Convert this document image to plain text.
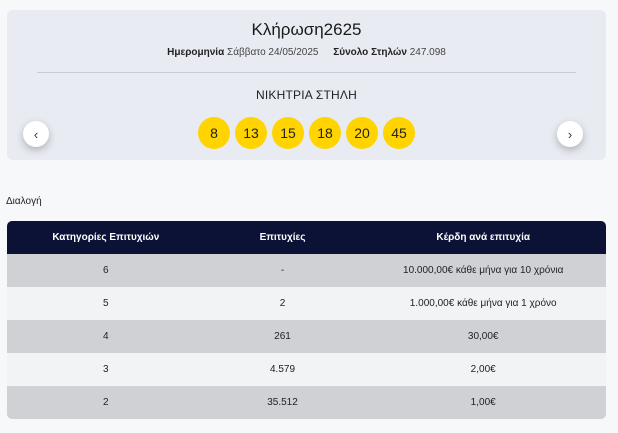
Κλήρωση2625
Ημερομηνία Σάββατο 24/05/2025 Σύνολο Στηλών 247.098
ΝΙΚΗΤΡΙΑ ΣΤΗΛΗ
8	13	15	18	20	45
‹	›
Διαλογή
Κατηγορίες Επιτυχιών	Επιτυχίες	Κέρδη ανά επιτυχία
6	-	10.000,00€ κάθε μήνα για 10 χρόνια
5	2	1.000,00€ κάθε μήνα για 1 χρόνο
4	261	30,00€
3	4.579	2,00€
2	35.512	1,00€
